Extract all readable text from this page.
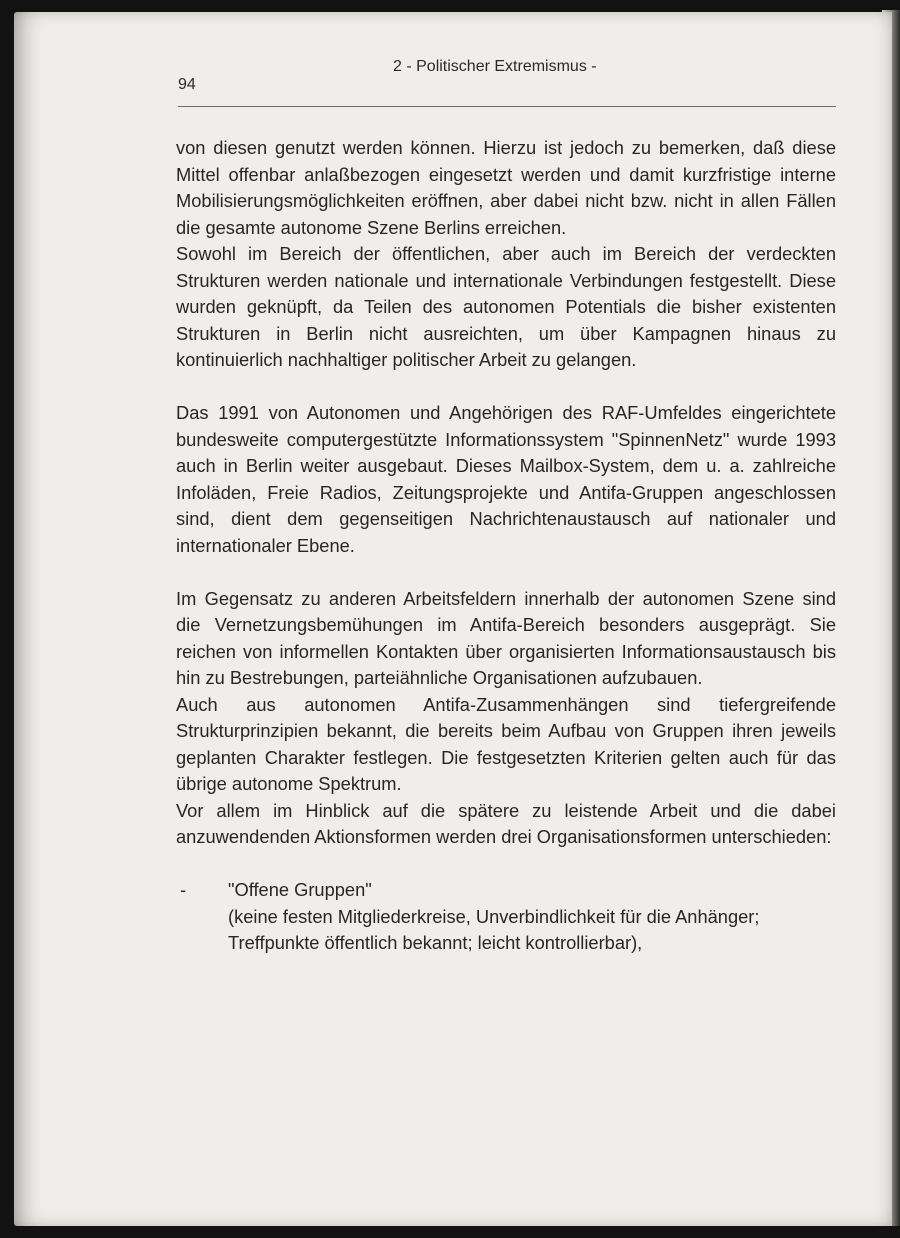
94
2 - Politischer Extremismus -

von diesen genutzt werden können. Hierzu ist jedoch zu bemerken, daß diese Mittel offenbar anlaßbezogen eingesetzt werden und damit kurzfristige interne Mobilisierungsmöglichkeiten eröffnen, aber dabei nicht bzw. nicht in allen Fällen die gesamte autonome Szene Berlins erreichen.

Sowohl im Bereich der öffentlichen, aber auch im Bereich der verdeckten Strukturen werden nationale und internationale Verbindungen festgestellt. Diese wurden geknüpft, da Teilen des autonomen Potentials die bisher existenten Strukturen in Berlin nicht ausreichten, um über Kampagnen hinaus zu kontinuierlich nachhaltiger politischer Arbeit zu gelangen.

Das 1991 von Autonomen und Angehörigen des RAF-Umfeldes eingerichtete bundesweite computergestützte Informationssystem "SpinnenNetz" wurde 1993 auch in Berlin weiter ausgebaut. Dieses Mailbox-System, dem u. a. zahlreiche Infoläden, Freie Radios, Zeitungsprojekte und Antifa-Gruppen angeschlossen sind, dient dem gegenseitigen Nachrichtenaustausch auf nationaler und internationaler Ebene.

Im Gegensatz zu anderen Arbeitsfeldern innerhalb der autonomen Szene sind die Vernetzungsbemühungen im Antifa-Bereich besonders ausgeprägt. Sie reichen von informellen Kontakten über organisierten Informationsaustausch bis hin zu Bestrebungen, parteiähnliche Organisationen aufzubauen.

Auch aus autonomen Antifa-Zusammenhängen sind tiefergreifende Strukturprinzipien bekannt, die bereits beim Aufbau von Gruppen ihren jeweils geplanten Charakter festlegen. Die festgesetzten Kriterien gelten auch für das übrige autonome Spektrum.

Vor allem im Hinblick auf die spätere zu leistende Arbeit und die dabei anzuwendenden Aktionsformen werden drei Organisationsformen unterschieden:

- "Offene Gruppen"
(keine festen Mitgliederkreise, Unverbindlichkeit für die Anhänger; Treffpunkte öffentlich bekannt; leicht kontrollierbar),
